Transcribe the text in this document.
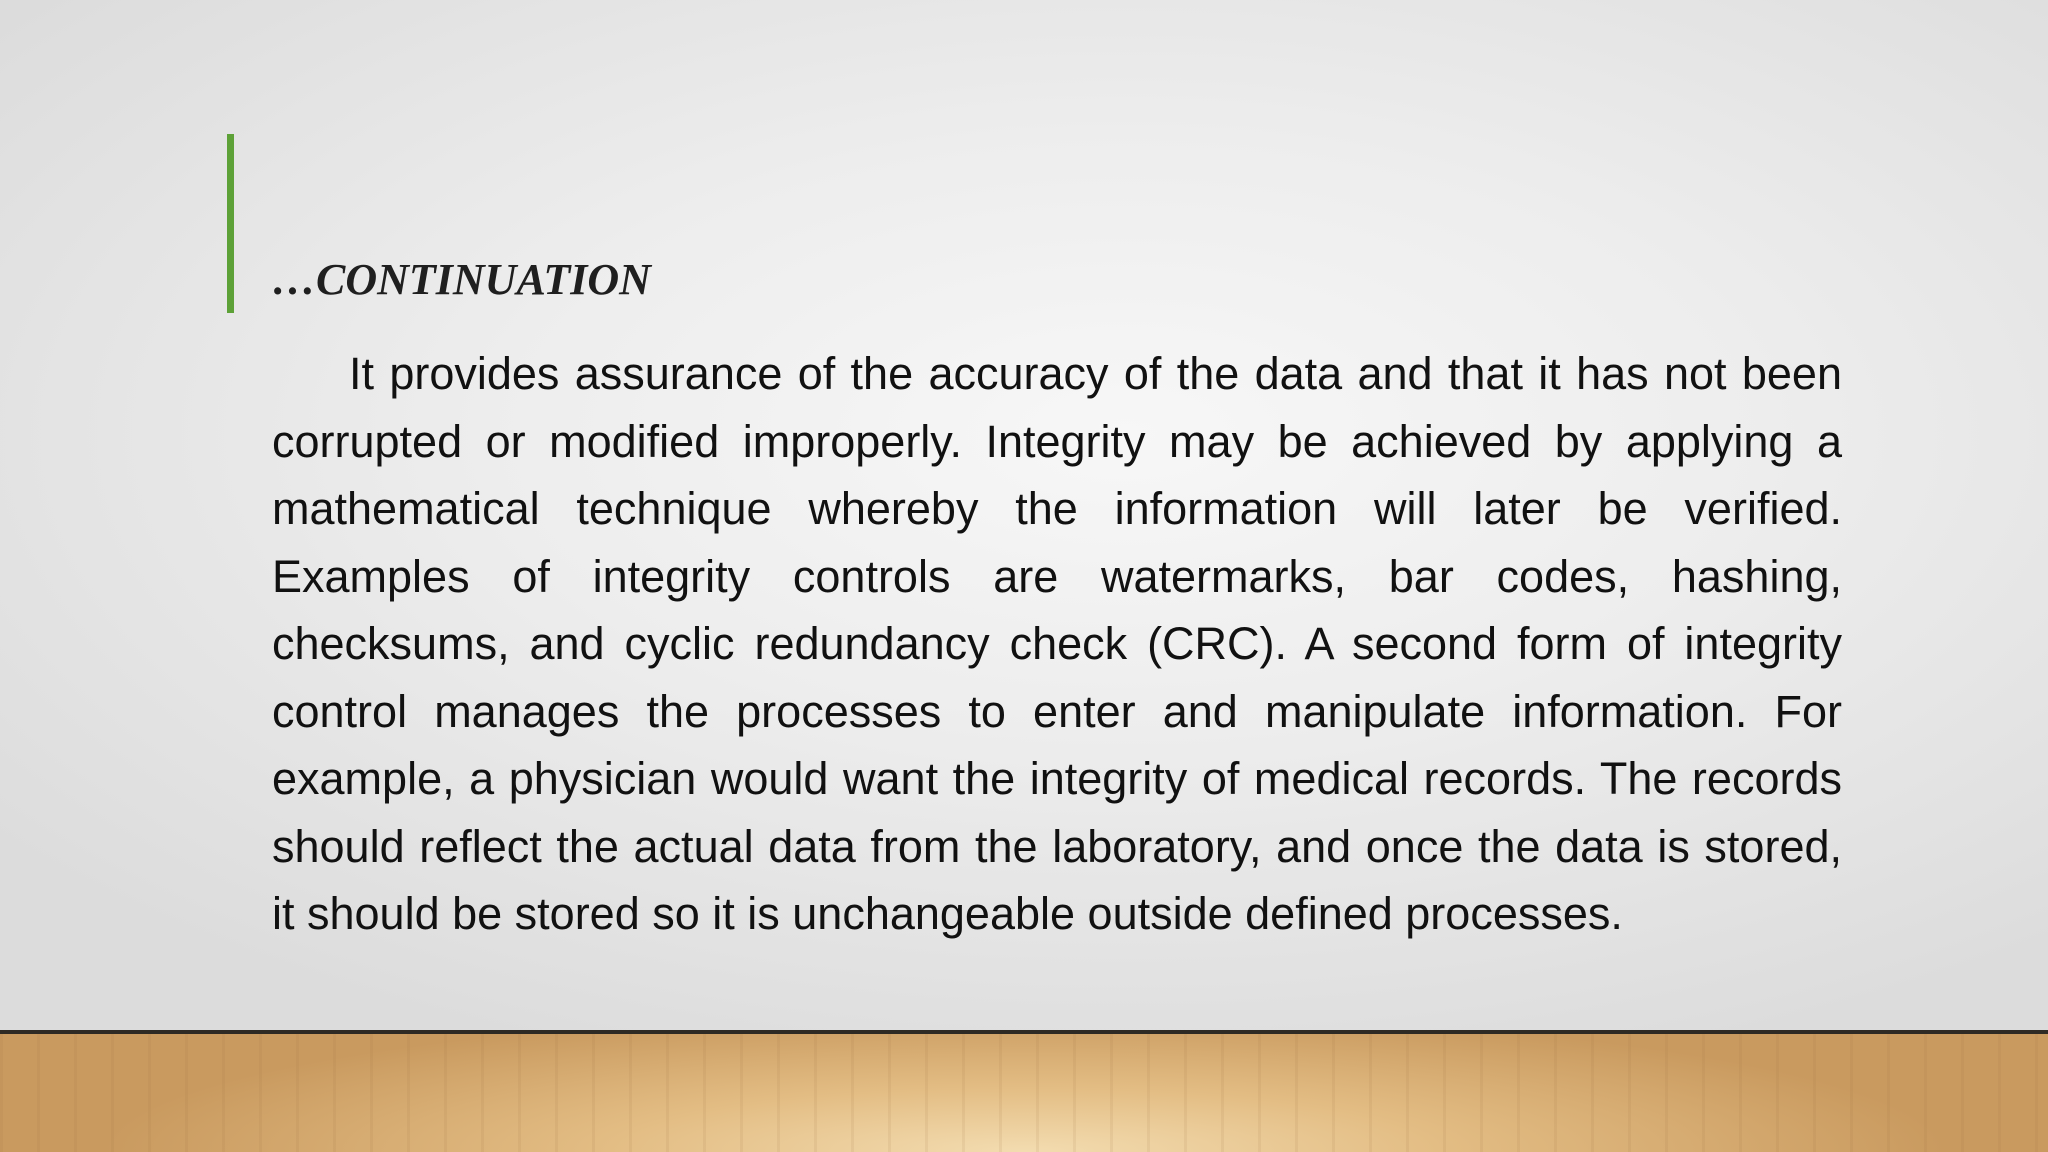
…CONTINUATION

It provides assurance of the accuracy of the data and that it has not been corrupted or modified improperly. Integrity may be achieved by applying a mathematical technique whereby the information will later be verified. Examples of integrity controls are watermarks, bar codes, hashing, checksums, and cyclic redundancy check (CRC). A second form of integrity control manages the processes to enter and manipulate information. For example, a physician would want the integrity of medical records. The records should reflect the actual data from the laboratory, and once the data is stored, it should be stored so it is unchangeable outside defined processes.
